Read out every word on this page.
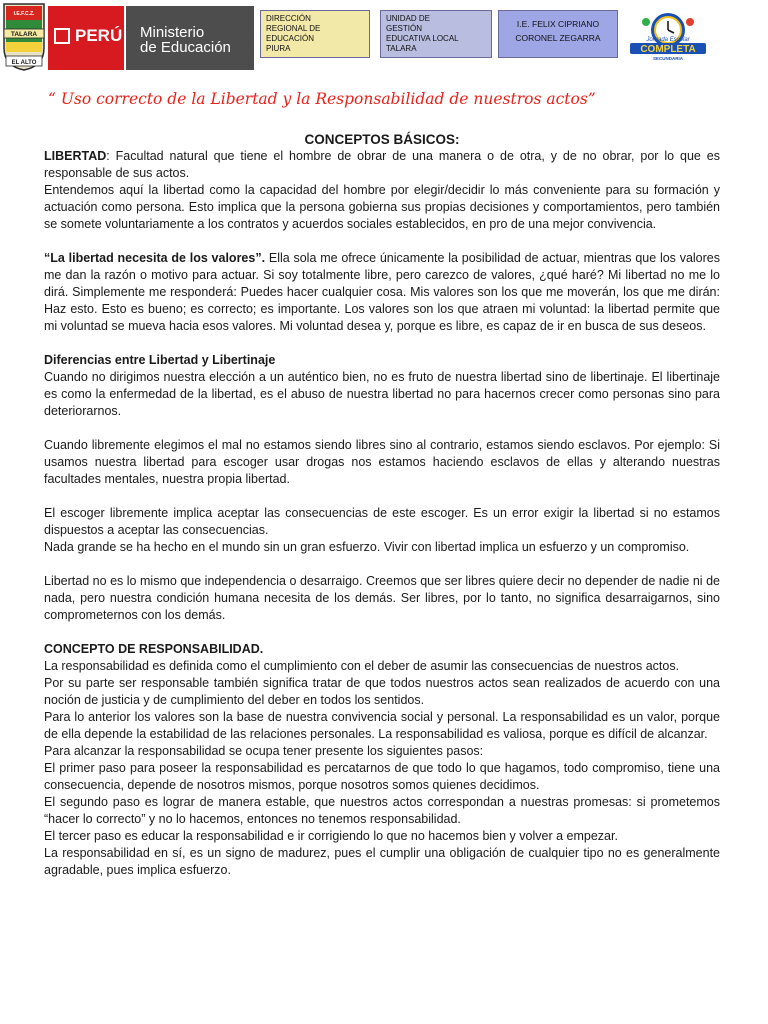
TALARA
I.E.F.C.Z.
EL ALTO
PERÚ Ministerio
de Educación
DIRECCIÓN
REGIONAL DE
EDUCACIÓN
PIURA
UNIDAD DE
GESTIÓN
EDUCATIVA LOCAL
TALARA
I.E. FELIX CIPRIANO
CORONEL ZEGARRA	Jornada Escolar
COMPLETA
SECUNDARIA
“ Uso correcto de la Libertad y la Responsabilidad de nuestros actos”
CONCEPTOS BÁSICOS:

LIBERTAD: Facultad natural que tiene el hombre de obrar de una manera o de otra, y de no obrar, por lo que es responsable de sus actos.

Entendemos aquí la libertad como la capacidad del hombre por elegir/decidir lo más conveniente para su formación y actuación como persona. Esto implica que la persona gobierna sus propias decisiones y comportamientos, pero también se somete voluntariamente a los contratos y acuerdos sociales establecidos, en pro de una mejor convivencia.

“La libertad necesita de los valores”. Ella sola me ofrece únicamente la posibilidad de actuar, mientras que los valores me dan la razón o motivo para actuar. Si soy totalmente libre, pero carezco de valores, ¿qué haré? Mi libertad no me lo dirá. Simplemente me responderá: Puedes hacer cualquier cosa. Mis valores son los que me moverán, los que me dirán: Haz esto. Esto es bueno; es correcto; es importante. Los valores son los que atraen mi voluntad: la libertad permite que mi voluntad se mueva hacia esos valores. Mi voluntad desea y, porque es libre, es capaz de ir en busca de sus deseos.

Diferencias entre Libertad y Libertinaje

Cuando no dirigimos nuestra elección a un auténtico bien, no es fruto de nuestra libertad sino de libertinaje. El libertinaje es como la enfermedad de la libertad, es el abuso de nuestra libertad no para hacernos crecer como personas sino para deteriorarnos.

Cuando libremente elegimos el mal no estamos siendo libres sino al contrario, estamos siendo esclavos. Por ejemplo: Si usamos nuestra libertad para escoger usar drogas nos estamos haciendo esclavos de ellas y alterando nuestras facultades mentales, nuestra propia libertad.

El escoger libremente implica aceptar las consecuencias de este escoger. Es un error exigir la libertad si no estamos dispuestos a aceptar las consecuencias.

Nada grande se ha hecho en el mundo sin un gran esfuerzo. Vivir con libertad implica un esfuerzo y un compromiso.

Libertad no es lo mismo que independencia o desarraigo. Creemos que ser libres quiere decir no depender de nadie ni de nada, pero nuestra condición humana necesita de los demás. Ser libres, por lo tanto, no significa desarraigarnos, sino comprometernos con los demás.

CONCEPTO DE RESPONSABILIDAD.

La responsabilidad es definida como el cumplimiento con el deber de asumir las consecuencias de nuestros actos.

Por su parte ser responsable también significa tratar de que todos nuestros actos sean realizados de acuerdo con una noción de justicia y de cumplimiento del deber en todos los sentidos.

Para lo anterior los valores son la base de nuestra convivencia social y personal. La responsabilidad es un valor, porque de ella depende la estabilidad de las relaciones personales. La responsabilidad es valiosa, porque es difícil de alcanzar.

Para alcanzar la responsabilidad se ocupa tener presente los siguientes pasos:

El primer paso para poseer la responsabilidad es percatarnos de que todo lo que hagamos, todo compromiso, tiene una consecuencia, depende de nosotros mismos, porque nosotros somos quienes decidimos.

El segundo paso es lograr de manera estable, que nuestros actos correspondan a nuestras promesas: si prometemos “hacer lo correcto” y no lo hacemos, entonces no tenemos responsabilidad.

El tercer paso es educar la responsabilidad e ir corrigiendo lo que no hacemos bien y volver a empezar.

La responsabilidad en sí, es un signo de madurez, pues el cumplir una obligación de cualquier tipo no es generalmente agradable, pues implica esfuerzo.
